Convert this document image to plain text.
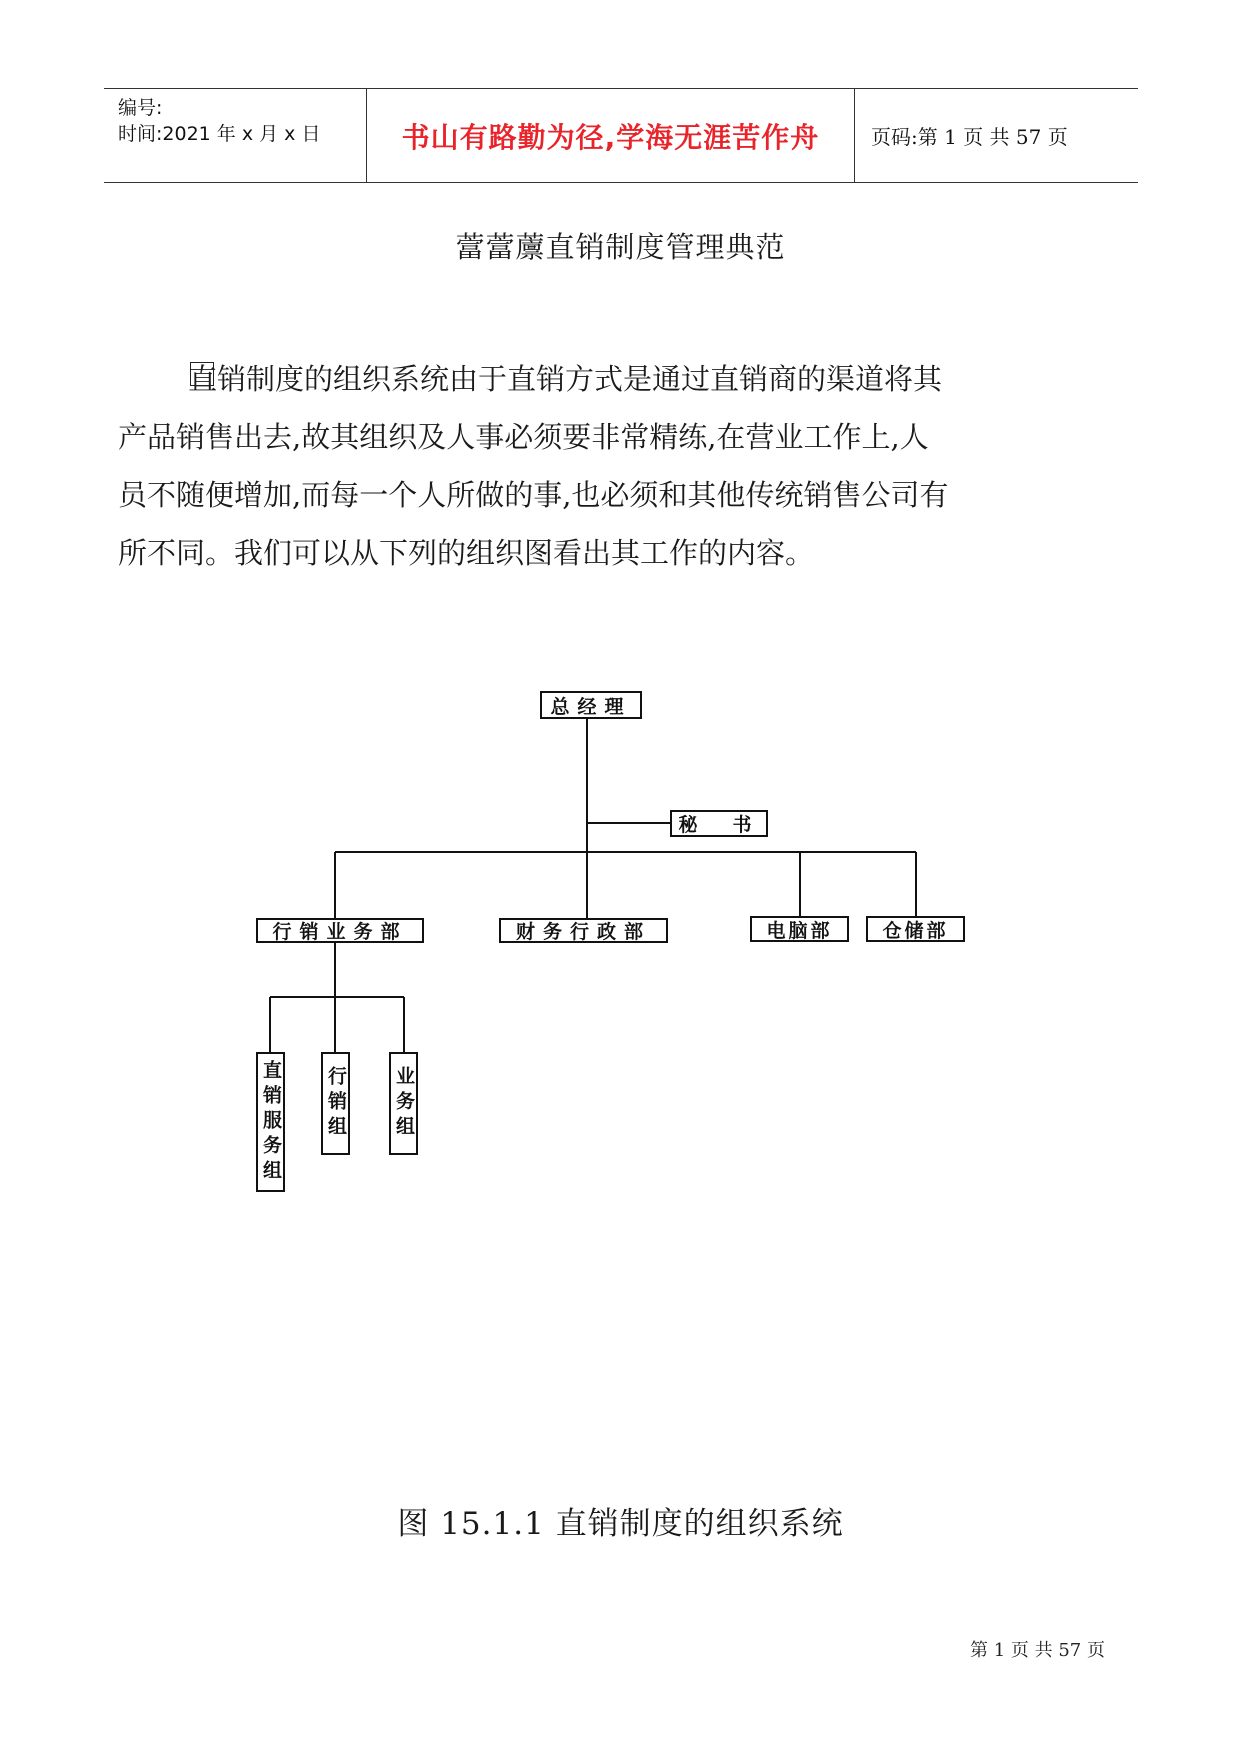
编号:
时间:2021 年 x 月 x 日	书山有路勤为径,学海无涯苦作舟	页码:第 1 页 共 57 页
䔰䔰䕲直销制度管理典范
直销制度的组织系统由于直销方式是通过直销商的渠道将其
产品销售出去,故其组织及人事必须要非常精练,在营业工作上,人
员不随便增加,而每一个人所做的事,也必须和其他传统销售公司有
所不同。我们可以从下列的组织图看出其工作的内容。
总经理
秘　书
行销业务部	财务行政部	电脑部	仓储部
直销服务组 行销组 业务组
图 15.1.1 直销制度的组织系统
第 1 页 共 57 页
